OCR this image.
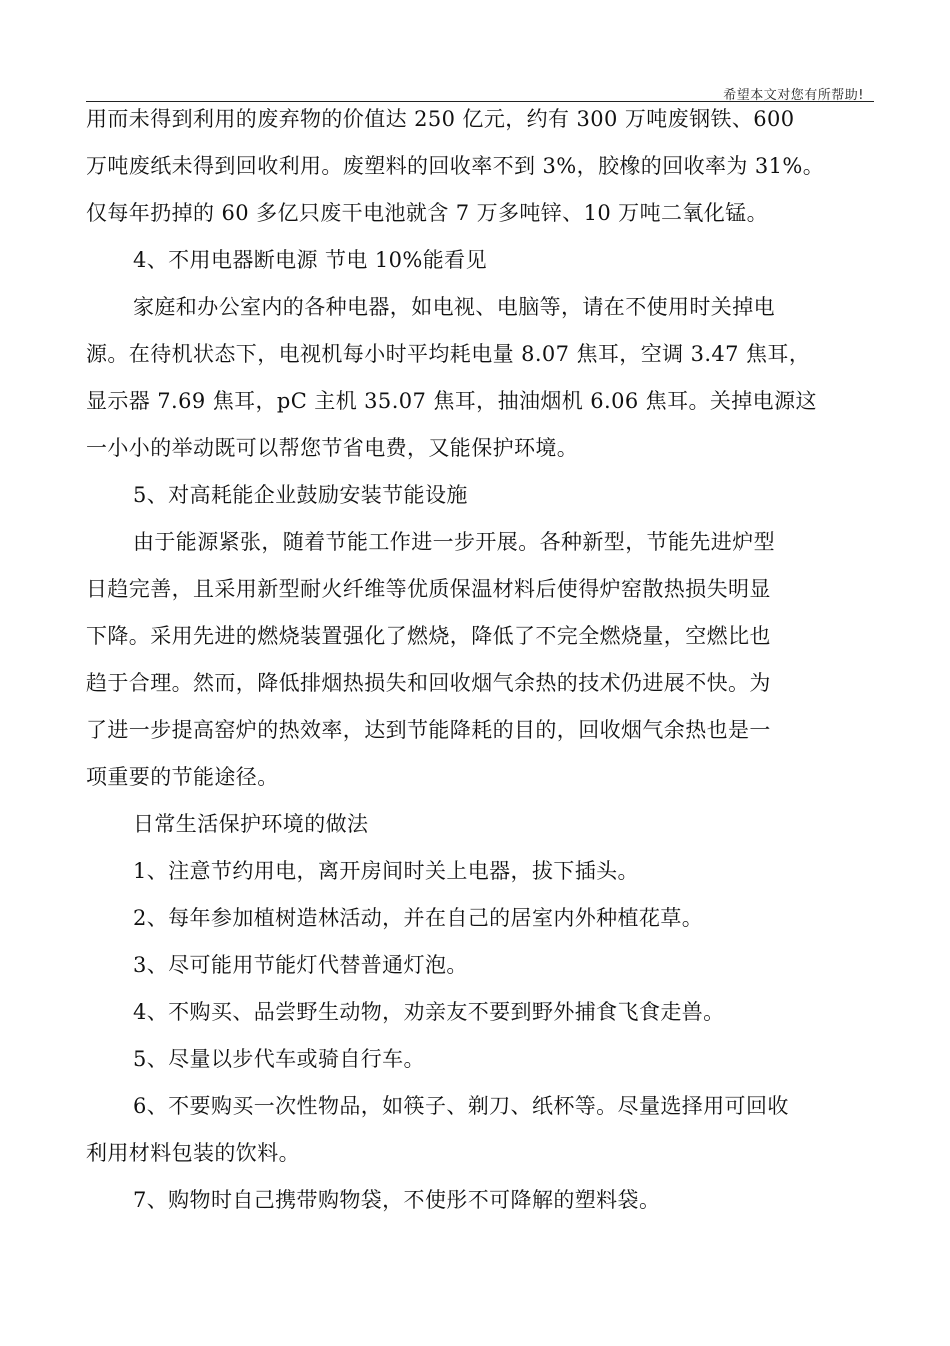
希望本文对您有所帮助!
用而未得到利用的废弃物的价值达 250 亿元，约有 300 万吨废钢铁、600
万吨废纸未得到回收利用。废塑料的回收率不到 3%，胶橡的回收率为 31%。
仅每年扔掉的 60 多亿只废干电池就含 7 万多吨锌、10 万吨二氧化锰。
4、不用电器断电源 节电 10%能看见
家庭和办公室内的各种电器，如电视、电脑等，请在不使用时关掉电
源。在待机状态下，电视机每小时平均耗电量 8.07 焦耳，空调 3.47 焦耳，
显示器 7.69 焦耳，pC 主机 35.07 焦耳，抽油烟机 6.06 焦耳。关掉电源这
一小小的举动既可以帮您节省电费，又能保护环境。
5、对高耗能企业鼓励安装节能设施
由于能源紧张，随着节能工作进一步开展。各种新型，节能先进炉型
日趋完善，且采用新型耐火纤维等优质保温材料后使得炉窑散热损失明显
下降。采用先进的燃烧装置强化了燃烧，降低了不完全燃烧量，空燃比也
趋于合理。然而，降低排烟热损失和回收烟气余热的技术仍进展不快。为
了进一步提高窑炉的热效率，达到节能降耗的目的，回收烟气余热也是一
项重要的节能途径。
日常生活保护环境的做法
1、注意节约用电，离开房间时关上电器，拔下插头。
2、每年参加植树造林活动，并在自己的居室内外种植花草。
3、尽可能用节能灯代替普通灯泡。
4、不购买、品尝野生动物，劝亲友不要到野外捕食飞食走兽。
5、尽量以步代车或骑自行车。
6、不要购买一次性物品，如筷子、剃刀、纸杯等。尽量选择用可回收
利用材料包装的饮料。
7、购物时自己携带购物袋，不使彤不可降解的塑料袋。
